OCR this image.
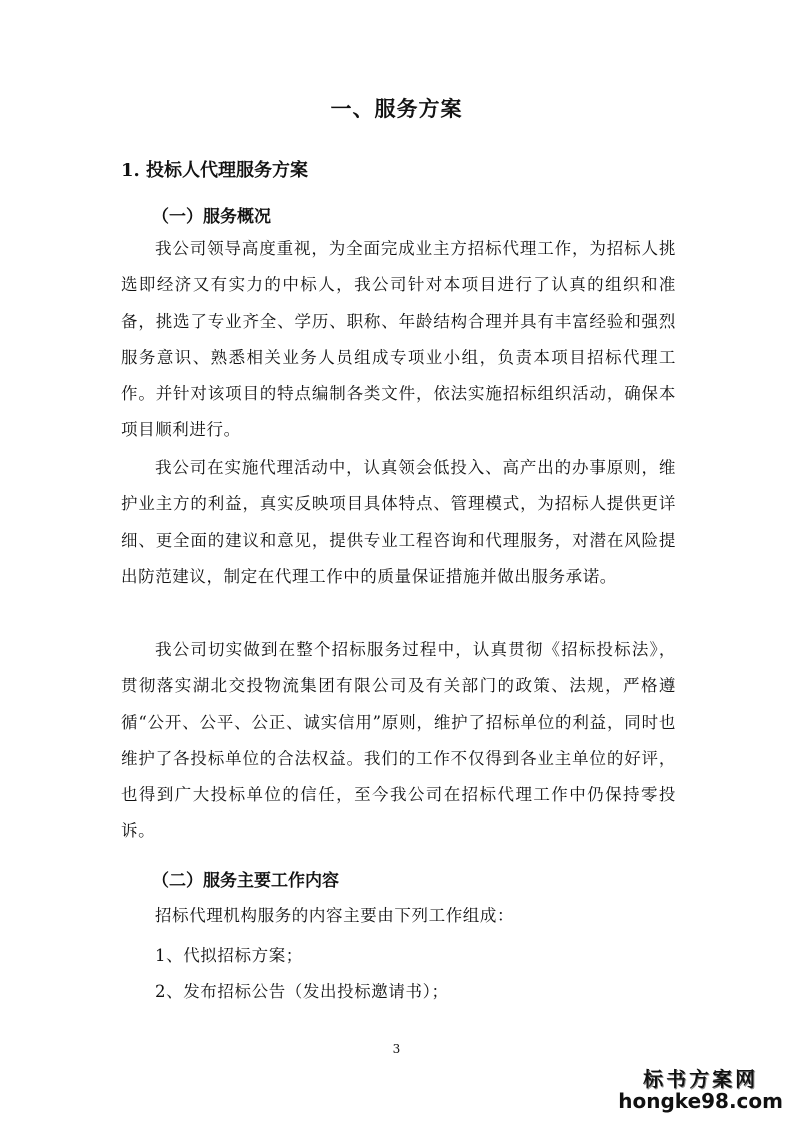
一、服务方案
1. 投标人代理服务方案
（一）服务概况

我公司领导高度重视，为全面完成业主方招标代理工作，为招标人挑选即经济又有实力的中标人，我公司针对本项目进行了认真的组织和准备，挑选了专业齐全、学历、职称、年龄结构合理并具有丰富经验和强烈服务意识、熟悉相关业务人员组成专项业小组，负责本项目招标代理工作。并针对该项目的特点编制各类文件，依法实施招标组织活动，确保本项目顺利进行。

我公司在实施代理活动中，认真领会低投入、高产出的办事原则，维护业主方的利益，真实反映项目具体特点、管理模式，为招标人提供更详细、更全面的建议和意见，提供专业工程咨询和代理服务，对潜在风险提出防范建议，制定在代理工作中的质量保证措施并做出服务承诺。

我公司切实做到在整个招标服务过程中，认真贯彻《招标投标法》，贯彻落实湖北交投物流集团有限公司及有关部门的政策、法规，严格遵循“公开、公平、公正、诚实信用”原则，维护了招标单位的利益，同时也维护了各投标单位的合法权益。我们的工作不仅得到各业主单位的好评，也得到广大投标单位的信任，至今我公司在招标代理工作中仍保持零投诉。

（二）服务主要工作内容

招标代理机构服务的内容主要由下列工作组成：

1、代拟招标方案；

2、发布招标公告（发出投标邀请书）；

3

标书方案网
hongke98.com
